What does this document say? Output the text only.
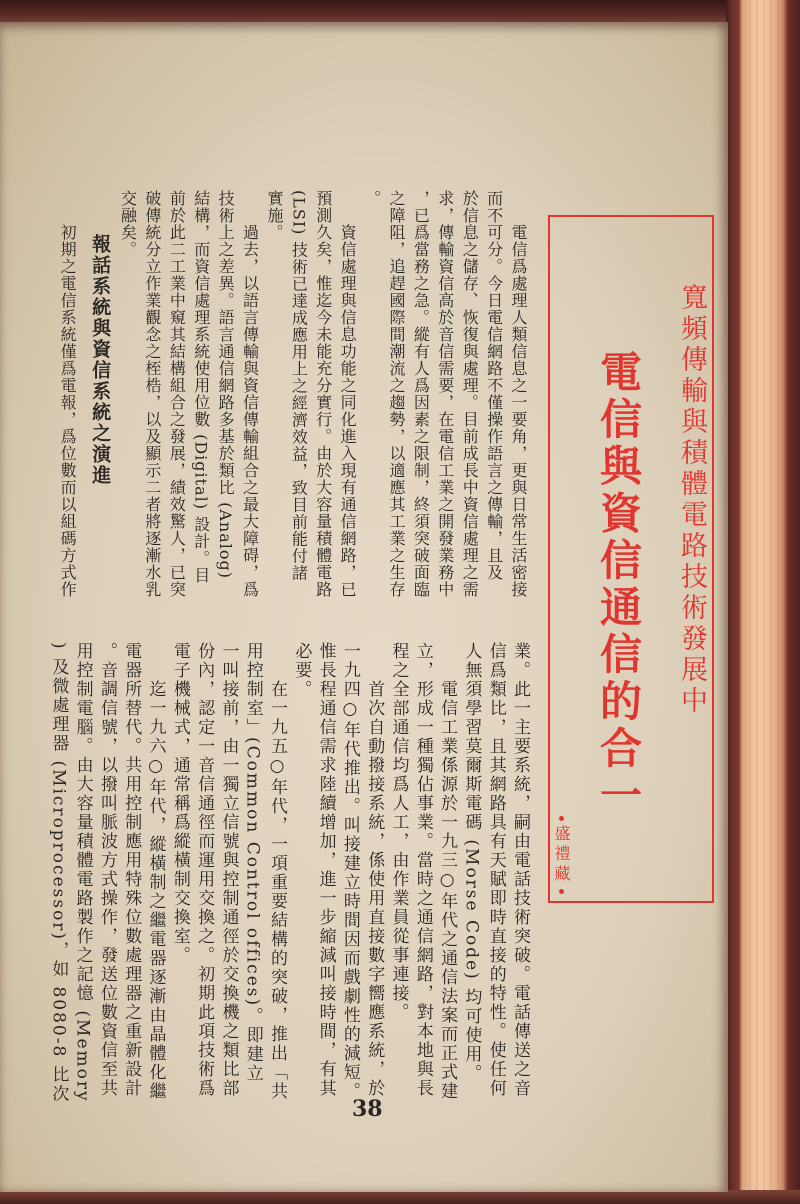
寬頻傳輸與積體電路技術發展中
電信與資信通信的合一
盛禮藏
電信爲處理人類信息之一要角，更與日常生活密接
而不可分。今日電信網路不僅操作語言之傳輸，且及
於信息之儲存、恢復與處理。目前成長中資信處理之需
求，傳輸資信高於音信需要，在電信工業之開發業務中
，已爲當務之急。縱有人爲因素之限制，終須突破面臨
之障阻，追趕國際間潮流之趨勢，以適應其工業之生存
。
資信處理與信息功能之同化進入現有通信網路，已
預測久矣，惟迄今未能充分實行。由於大容量積體電路
(LSI) 技術已達成應用上之經濟效益，致目前能付諸
實施。
過去，以語言傳輸與資信傳輸組合之最大障碍，爲
技術上之差異。語言通信網路多基於類比 (Analog)
結構，而資信處理系統使用位數 (Digital) 設計。目
前於此二工業中窺其結構組合之發展，績效驚人，已突
破傳統分立作業觀念之桎梏，以及顯示二者將逐漸水乳
交融矣。
報話系統與資信系統之演進
初期之電信系統僅爲電報，爲位數而以組碼方式作
業。此一主要系統，嗣由電話技術突破。電話傳送之音
信爲類比，且其網路具有天賦即時直接的特性。使任何
人無須學習莫爾斯電碼 (Morse Code) 均可使用。
電信工業係源於一九三○年代之通信法案而正式建
立，形成一種獨佔事業。當時之通信網路，對本地與長
程之全部通信均爲人工，由作業員從事連接。
首次自動撥接系統，係使用直接數字嚮應系統，於
一九四○年代推出。叫接建立時間因而戲劇性的減短。
惟長程通信需求陸續增加，進一步縮減叫接時間，有其
必要。
在一九五○年代，一項重要結構的突破，推出「共
用控制室」(Common Control offices)。即建立
一叫接前，由一獨立信號與控制通徑於交換機之類比部
份內，認定一音信通徑而運用交換之。初期此項技術爲
電子機械式，通常稱爲縱橫制交換室。
迄一九六○年代，縱橫制之繼電器逐漸由晶體化繼
電器所替代。共用控制應用特殊位數處理器之重新設計
。音調信號，以撥叫脈波方式操作，發送位數資信至共
用控制電腦。由大容量積體電路製作之記憶 (Memory
) 及微處理器 (Microprocessor)，如 8080-8 比次
38
